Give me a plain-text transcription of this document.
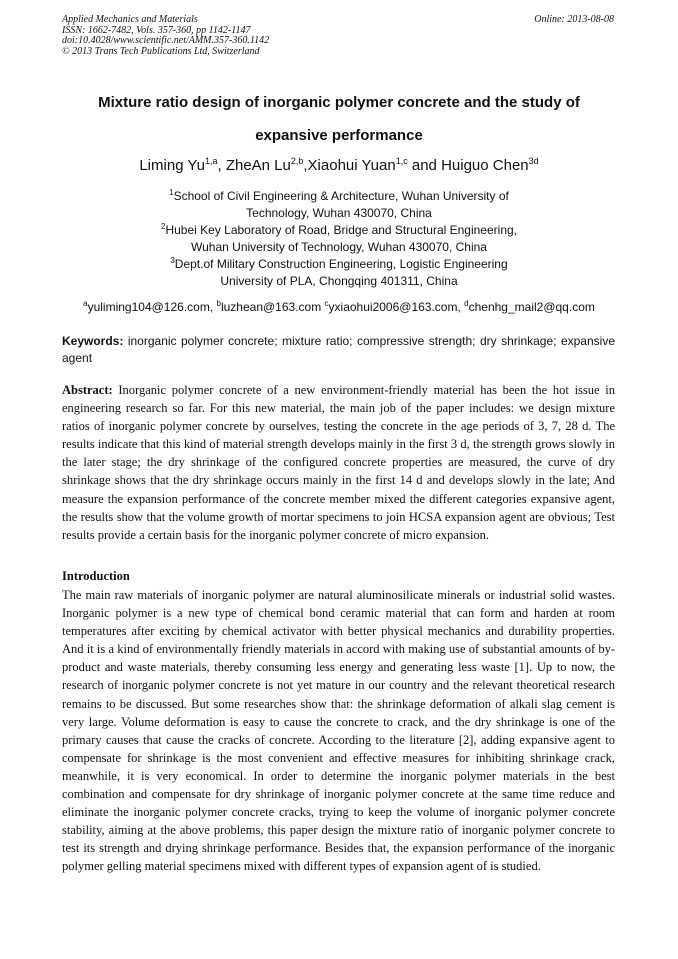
Applied Mechanics and Materials
ISSN: 1662-7482, Vols. 357-360, pp 1142-1147
doi:10.4028/www.scientific.net/AMM.357-360.1142
© 2013 Trans Tech Publications Ltd, Switzerland
Online: 2013-08-08
Mixture ratio design of inorganic polymer concrete and the study of
expansive performance
Liming Yu$^{1,a}$, ZheAn Lu$^{2,b}$,Xiaohui Yuan$^{1,c}$ and Huiguo Chen$^{3d}$
$^1$School of Civil Engineering & Architecture, Wuhan University of
Technology, Wuhan 430070, China
$^2$Hubei Key Laboratory of Road, Bridge and Structural Engineering,
Wuhan University of Technology, Wuhan 430070, China
$^3$Dept.of Military Construction Engineering, Logistic Engineering
University of PLA, Chongqing 401311, China
$^a$yuliming104@126.com, $^b$luzhean@163.com $^c$yxiaohui2006@163.com, $^d$chenhg_mail2@qq.com
Keywords: inorganic polymer concrete; mixture ratio; compressive strength; dry shrinkage; expansive agent
Abstract: Inorganic polymer concrete of a new environment-friendly material has been the hot issue in engineering research so far. For this new material, the main job of the paper includes: we design mixture ratios of inorganic polymer concrete by ourselves, testing the concrete in the age periods of 3, 7, 28 d. The results indicate that this kind of material strength develops mainly in the first 3 d, the strength grows slowly in the later stage; the dry shrinkage of the configured concrete properties are measured, the curve of dry shrinkage shows that the dry shrinkage occurs mainly in the first 14 d and develops slowly in the late; And measure the expansion performance of the concrete member mixed the different categories expansive agent, the results show that the volume growth of mortar specimens to join HCSA expansion agent are obvious; Test results provide a certain basis for the inorganic polymer concrete of micro expansion.
Introduction
The main raw materials of inorganic polymer are natural aluminosilicate minerals or industrial solid wastes. Inorganic polymer is a new type of chemical bond ceramic material that can form and harden at room temperatures after exciting by chemical activator with better physical mechanics and durability properties. And it is a kind of environmentally friendly materials in accord with making use of substantial amounts of by-product and waste materials, thereby consuming less energy and generating less waste [1]. Up to now, the research of inorganic polymer concrete is not yet mature in our country and the relevant theoretical research remains to be discussed. But some researches show that: the shrinkage deformation of alkali slag cement is very large. Volume deformation is easy to cause the concrete to crack, and the dry shrinkage is one of the primary causes that cause the cracks of concrete. According to the literature [2], adding expansive agent to compensate for shrinkage is the most convenient and effective measures for inhibiting shrinkage crack, meanwhile, it is very economical. In order to determine the inorganic polymer materials in the best combination and compensate for dry shrinkage of inorganic polymer concrete at the same time reduce and eliminate the inorganic polymer concrete cracks, trying to keep the volume of inorganic polymer concrete stability, aiming at the above problems, this paper design the mixture ratio of inorganic polymer concrete to test its strength and drying shrinkage performance. Besides that, the expansion performance of the inorganic polymer gelling material specimens mixed with different types of expansion agent of is studied.
